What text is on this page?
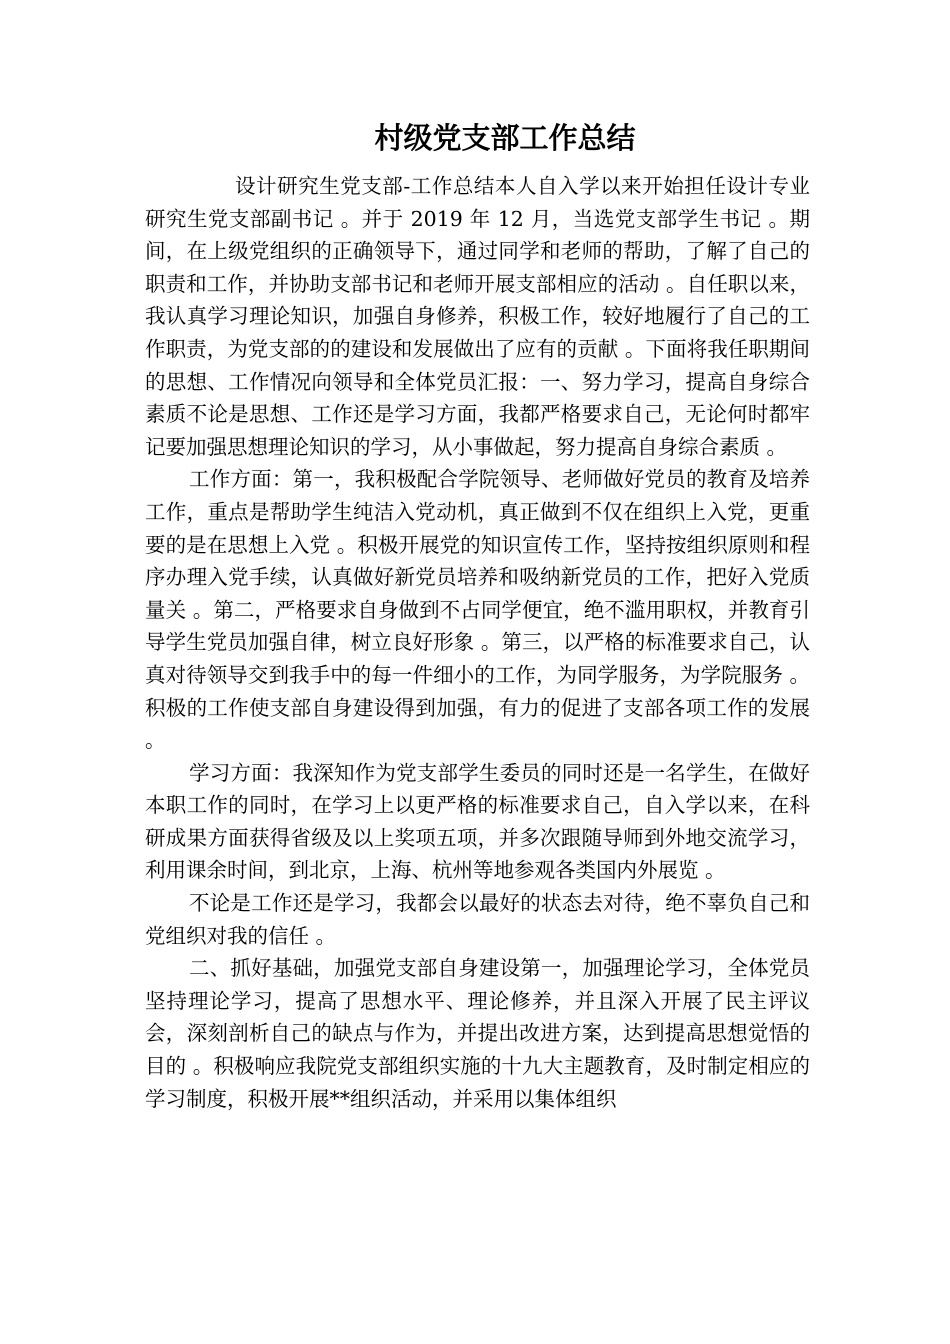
村级党支部工作总结

设计研究生党支部-工作总结本人自入学以来开始担任设计专业研究生党支部副书记 。并于 2019 年 12 月，当选党支部学生书记 。期间，在上级党组织的正确领导下，通过同学和老师的帮助，了解了自己的职责和工作，并协助支部书记和老师开展支部相应的活动 。自任职以来，我认真学习理论知识，加强自身修养，积极工作，较好地履行了自己的工作职责，为党支部的的建设和发展做出了应有的贡献 。下面将我任职期间的思想、工作情况向领导和全体党员汇报：一、努力学习，提高自身综合素质不论是思想、工作还是学习方面，我都严格要求自己，无论何时都牢记要加强思想理论知识的学习，从小事做起，努力提高自身综合素质 。

工作方面：第一，我积极配合学院领导、老师做好党员的教育及培养工作，重点是帮助学生纯洁入党动机，真正做到不仅在组织上入党，更重要的是在思想上入党 。积极开展党的知识宣传工作，坚持按组织原则和程序办理入党手续，认真做好新党员培养和吸纳新党员的工作，把好入党质量关 。第二，严格要求自身做到不占同学便宜，绝不滥用职权，并教育引导学生党员加强自律，树立良好形象 。第三，以严格的标准要求自己，认真对待领导交到我手中的每一件细小的工作，为同学服务，为学院服务 。积极的工作使支部自身建设得到加强，有力的促进了支部各项工作的发展 。

学习方面：我深知作为党支部学生委员的同时还是一名学生，在做好本职工作的同时，在学习上以更严格的标准要求自己，自入学以来，在科研成果方面获得省级及以上奖项五项，并多次跟随导师到外地交流学习，利用课余时间，到北京，上海、杭州等地参观各类国内外展览 。

不论是工作还是学习，我都会以最好的状态去对待，绝不辜负自己和党组织对我的信任 。

二、抓好基础，加强党支部自身建设第一，加强理论学习，全体党员坚持理论学习，提高了思想水平、理论修养，并且深入开展了民主评议会，深刻剖析自己的缺点与作为，并提出改进方案，达到提高思想觉悟的目的 。积极响应我院党支部组织实施的十九大主题教育，及时制定相应的学习制度，积极开展**组织活动，并采用以集体组织
